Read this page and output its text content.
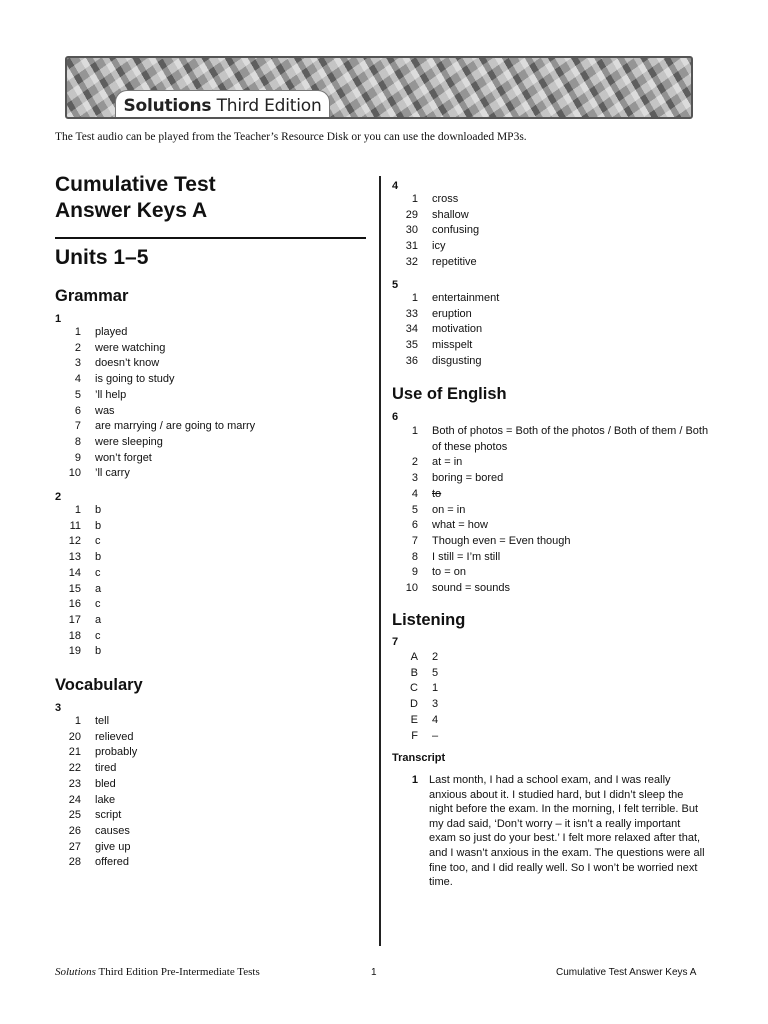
Solutions Third Edition

The Test audio can be played from the Teacher’s Resource Disk or you can use the downloaded MP3s.

Cumulative Test
Answer Keys A
Units 1–5
Grammar
1
1	played
2	were watching
3	doesn’t know
4	is going to study
5	’ll help
6	was
7	are marrying / are going to marry
8	were sleeping
9	won’t forget
10	’ll carry
2
1	b
11	b
12	c
13	b
14	c
15	a
16	c
17	a
18	c
19	b
Vocabulary
3
1	tell
20	relieved
21	probably
22	tired
23	bled
24	lake
25	script
26	causes
27	give up
28	offered
4
1	cross
29	shallow
30	confusing
31	icy
32	repetitive
5
1	entertainment
33	eruption
34	motivation
35	misspelt
36	disgusting
Use of English
6
1	Both of photos = Both of the photos / Both of them / Both of these photos
2	at = in
3	boring = bored
4	to
5	on = in
6	what = how
7	Though even = Even though
8	I still = I’m still
9	to = on
10	sound = sounds
Listening
7
A	2
B	5
C	1
D	3
E	4
F	–
Transcript
1	Last month, I had a school exam, and I was really anxious about it. I studied hard, but I didn’t sleep the night before the exam. In the morning, I felt terrible. But my dad said, ‘Don’t worry – it isn’t a really important exam so just do your best.’ I felt more relaxed after that, and I wasn’t anxious in the exam. The questions were all fine too, and I did really well. So I won’t be worried next time.
Solutions Third Edition Pre-Intermediate Tests	1	Cumulative Test Answer Keys A
